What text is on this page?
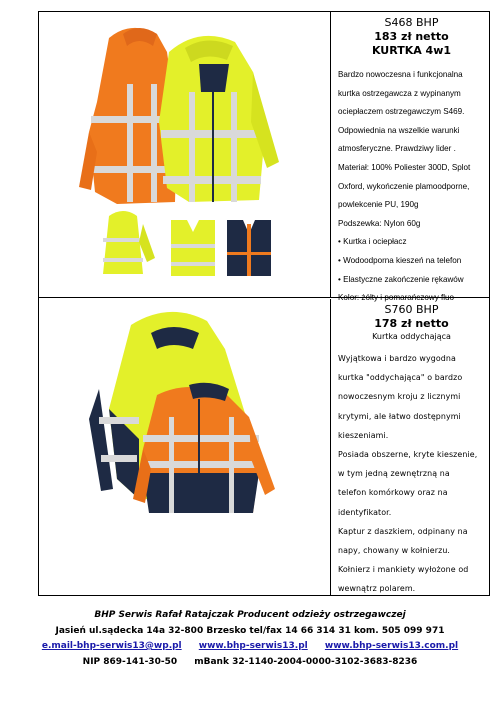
S468 BHP
183 zł netto
KURTKA 4w1
Bardzo nowoczesna i funkcjonalna
kurtka ostrzegawcza z wypinanym
ociepłaczem ostrzegawczym S469.
Odpowiednia na wszelkie warunki
atmosferyczne. Prawdziwy lider .
Materiał: 100% Poliester 300D, Splot
Oxford, wykończenie plamoodporne,
powlekcenie PU, 190g
Podszewka: Nylon 60g
• Kurtka i ociepłacz
• Wodoodporna kieszeń na telefon
• Elastyczne zakończenie rękawów
Kolor: żółty i pomarańczowy fluo
S760 BHP
178 zł netto
Kurtka oddychająca
Wyjątkowa i bardzo wygodna
kurtka "oddychająca" o bardzo
nowoczesnym kroju z licznymi
krytymi, ale łatwo dostępnymi
kieszeniami.
Posiada obszerne, kryte kieszenie,
w tym jedną zewnętrzną na
telefon komórkowy oraz na
identyfikator.
Kaptur z daszkiem, odpinany na
napy, chowany w kołnierzu.
Kołnierz i mankiety wyłożone od
wewnątrz polarem.
BHP Serwis Rafał Ratajczak Producent odzieży ostrzegawczej
Jasień ul.sądecka 14a 32-800 Brzesko tel/fax 14 66 314 31 kom. 505 099 971
e.mail-bhp-serwis13@wp.pl www.bhp-serwis13.pl www.bhp-serwis13.com.pl
NIP 869-141-30-50 mBank 32-1140-2004-0000-3102-3683-8236
